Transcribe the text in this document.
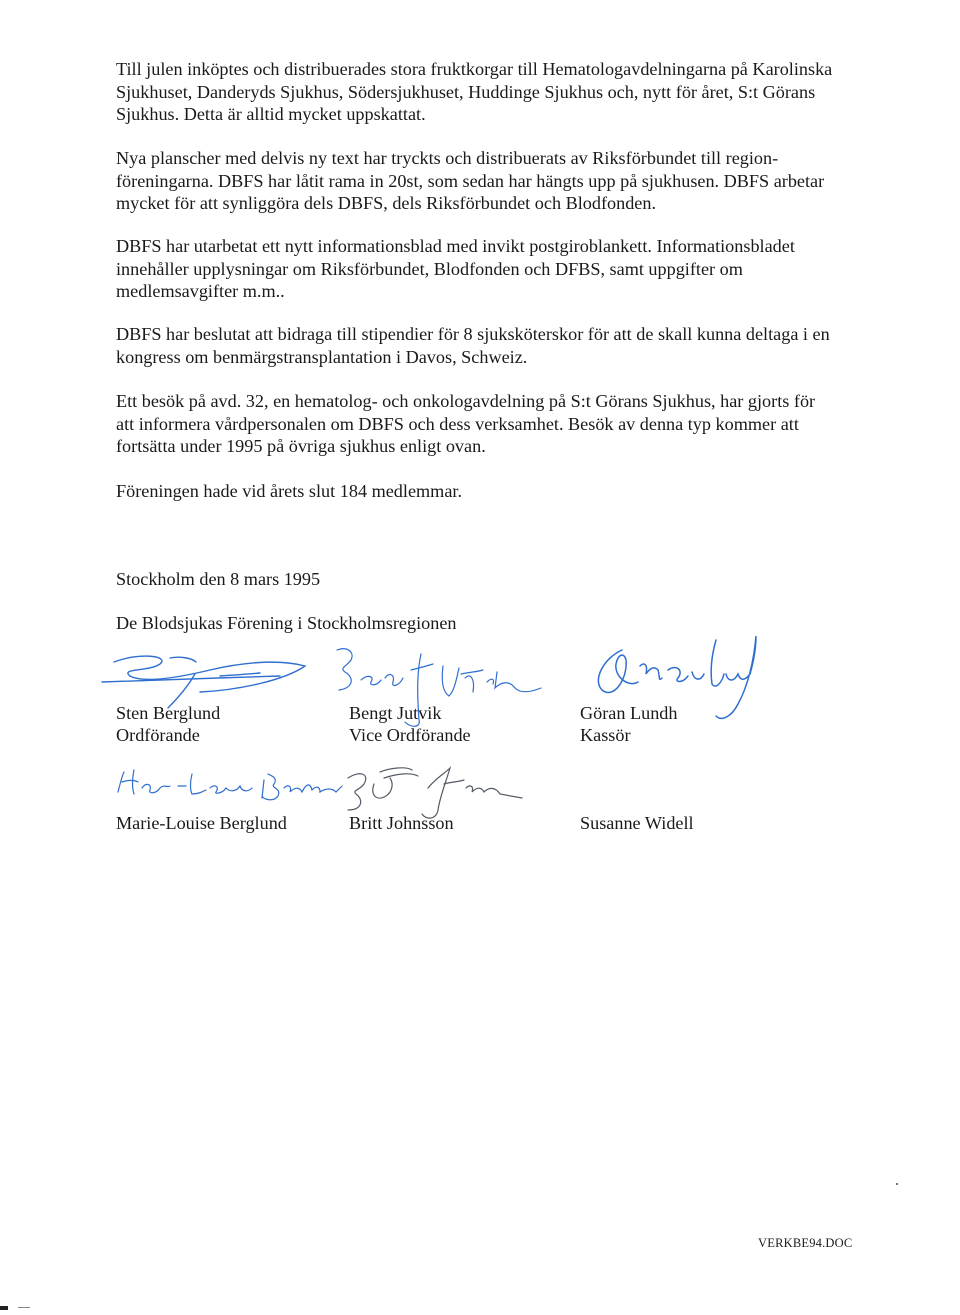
Till julen inköptes och distribuerades stora fruktkorgar till Hematologavdelningarna på Karolinska
Sjukhuset, Danderyds Sjukhus, Södersjukhuset, Huddinge Sjukhus och, nytt för året, S:t Görans
Sjukhus. Detta är alltid mycket uppskattat.
Nya planscher med delvis ny text har tryckts och distribuerats av Riksförbundet till region-
föreningarna. DBFS har låtit rama in 20st, som sedan har hängts upp på sjukhusen. DBFS arbetar
mycket för att synliggöra dels DBFS, dels Riksförbundet och Blodfonden.
DBFS har utarbetat ett nytt informationsblad med invikt postgiroblankett. Informationsbladet
innehåller upplysningar om Riksförbundet, Blodfonden och DFBS, samt uppgifter om
medlemsavgifter m.m..
DBFS har beslutat att bidraga till stipendier för 8 sjuksköterskor för att de skall kunna deltaga i en
kongress om benmärgstransplantation i Davos, Schweiz.
Ett besök på avd. 32, en hematolog- och onkologavdelning på S:t Görans Sjukhus, har gjorts för
att informera vårdpersonalen om DBFS och dess verksamhet. Besök av denna typ kommer att
fortsätta under 1995 på övriga sjukhus enligt ovan.
Föreningen hade vid årets slut 184 medlemmar.
Stockholm den 8 mars 1995
De Blodsjukas Förening i Stockholmsregionen
Sten Berglund
Ordförande
Bengt Jutvik
Vice Ordförande
Göran Lundh
Kassör
Marie-Louise Berglund	Britt Johnsson	Susanne Widell
VERKBE94.DOC
